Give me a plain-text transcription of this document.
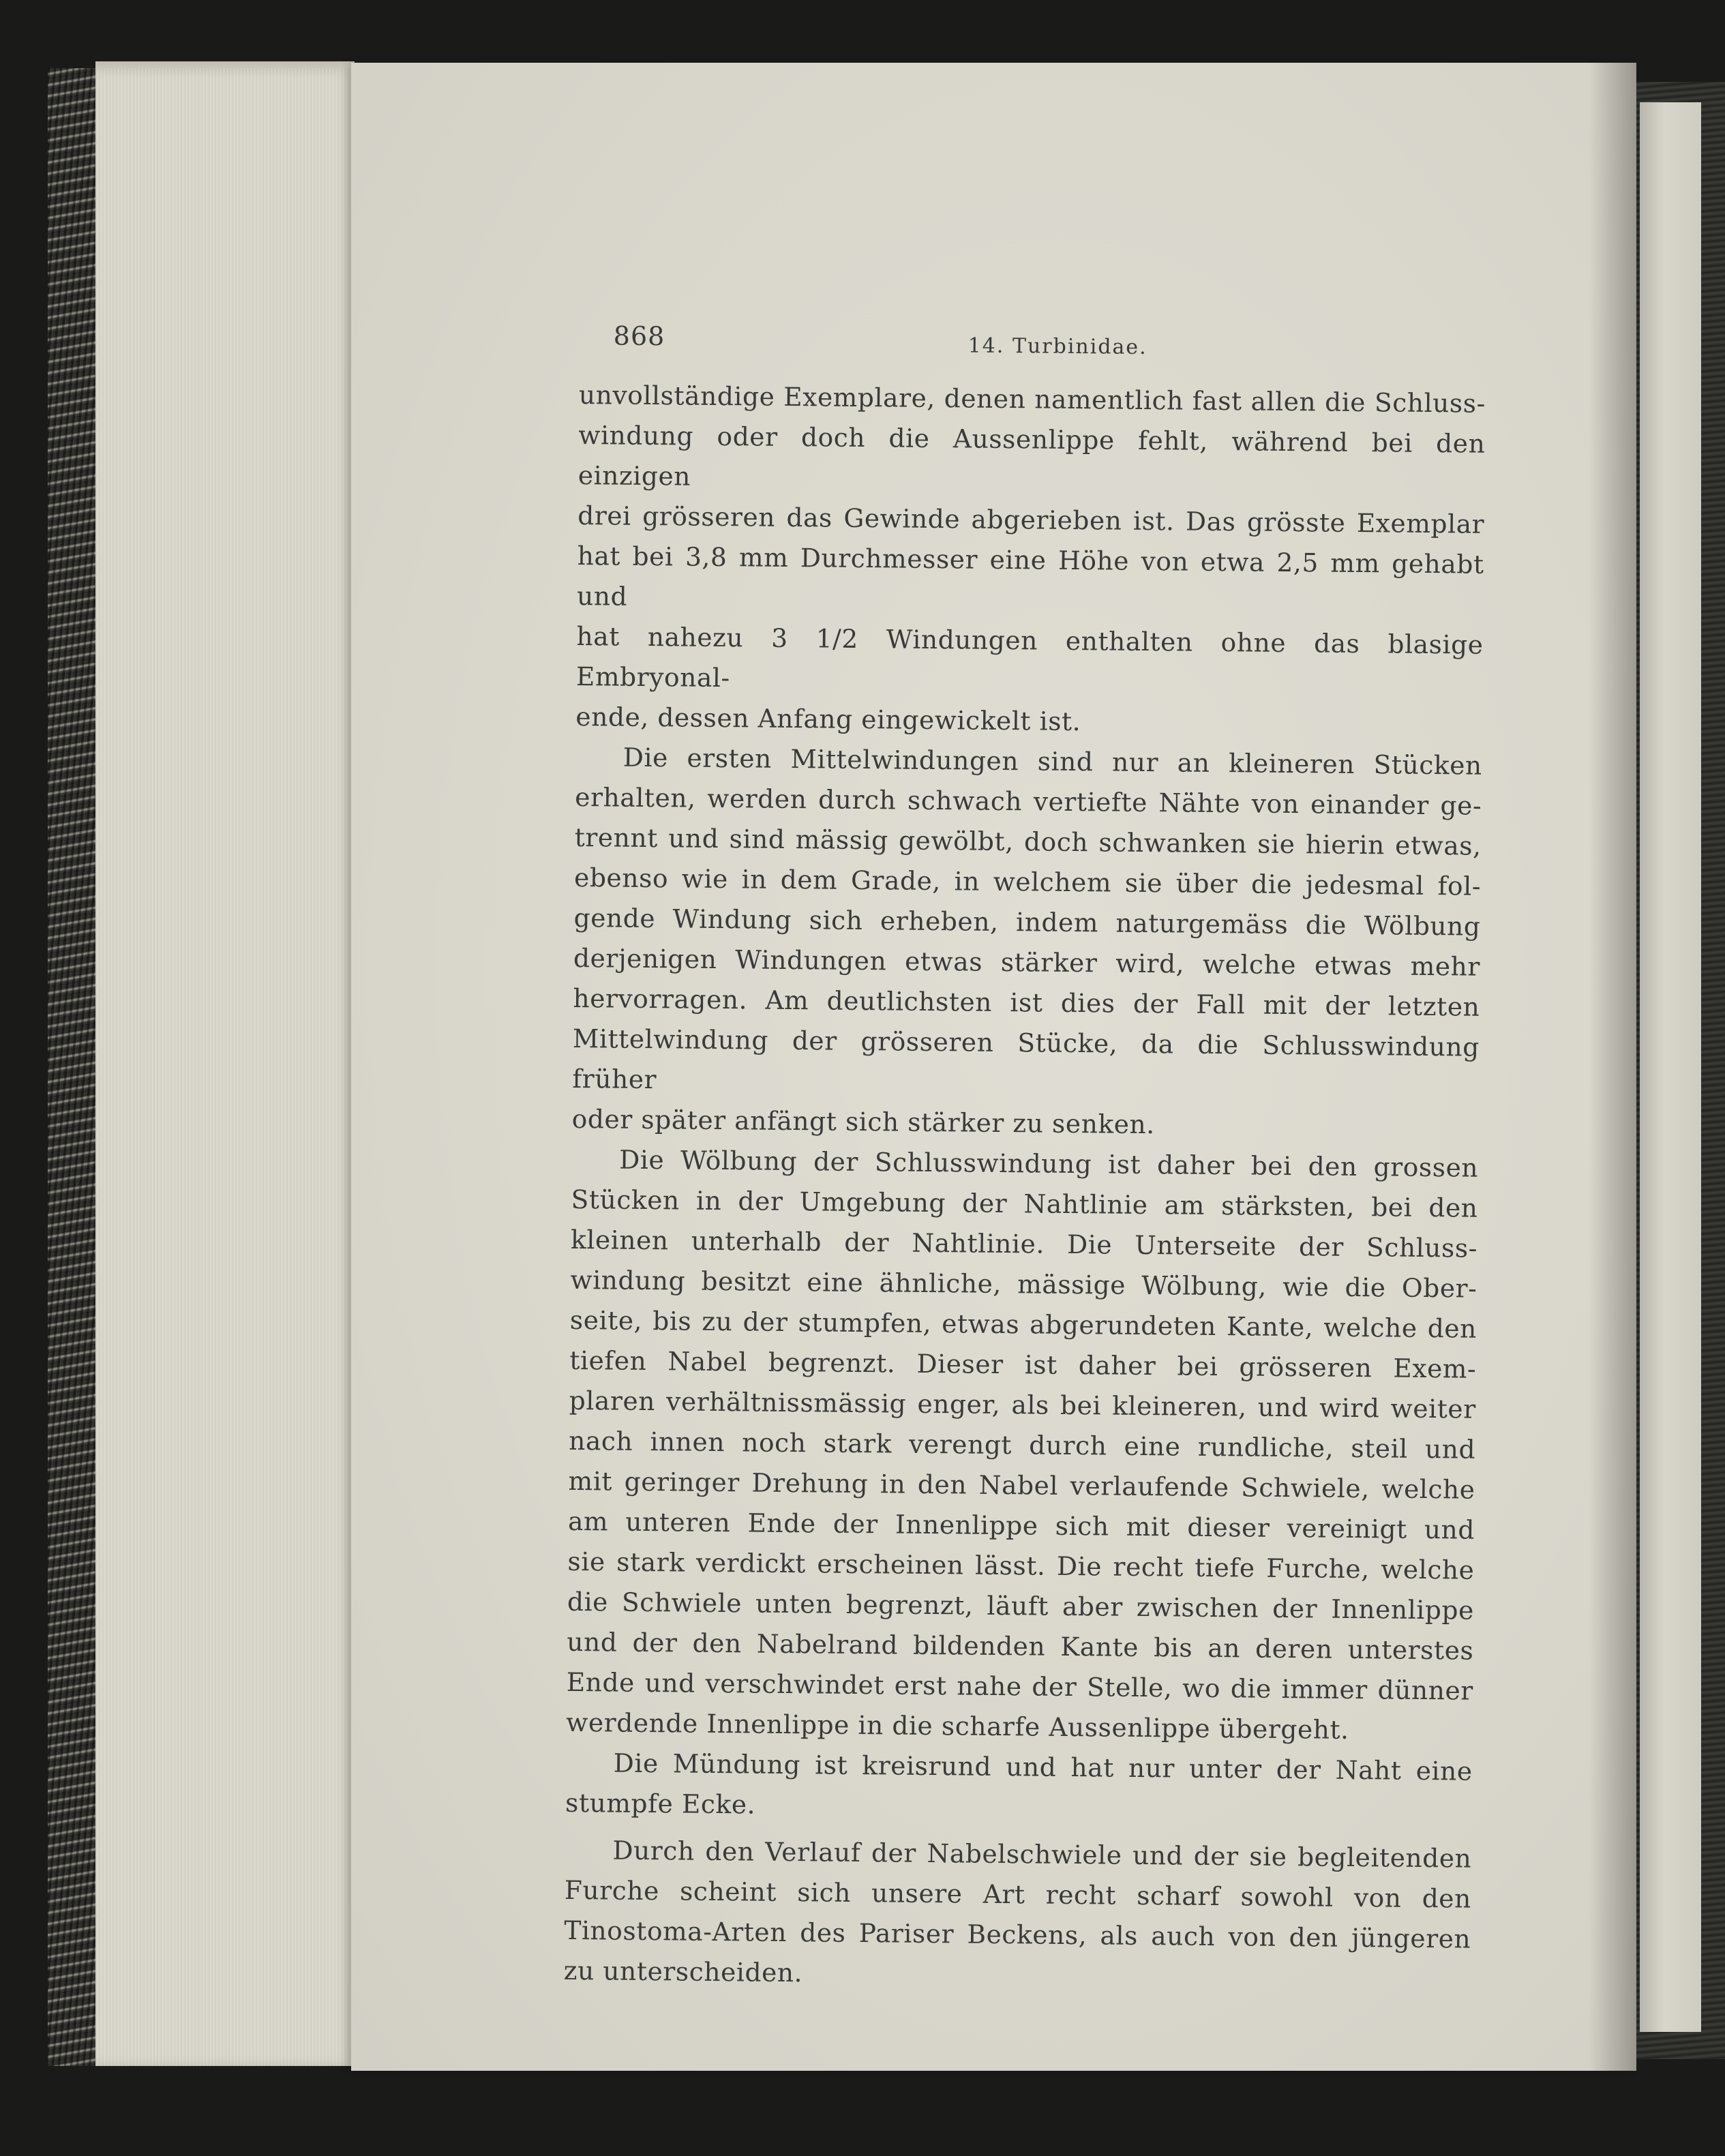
868	14. Turbinidae.

unvollständige Exemplare, denen namentlich fast allen die Schluss-
windung oder doch die Aussenlippe fehlt, während bei den einzigen
drei grösseren das Gewinde abgerieben ist. Das grösste Exemplar
hat bei 3,8 mm Durchmesser eine Höhe von etwa 2,5 mm gehabt und
hat nahezu 3 1/2 Windungen enthalten ohne das blasige Embryonal-
ende, dessen Anfang eingewickelt ist.

Die ersten Mittelwindungen sind nur an kleineren Stücken
erhalten, werden durch schwach vertiefte Nähte von einander ge-
trennt und sind mässig gewölbt, doch schwanken sie hierin etwas,
ebenso wie in dem Grade, in welchem sie über die jedesmal fol-
gende Windung sich erheben, indem naturgemäss die Wölbung
derjenigen Windungen etwas stärker wird, welche etwas mehr
hervorragen. Am deutlichsten ist dies der Fall mit der letzten
Mittelwindung der grösseren Stücke, da die Schlusswindung früher
oder später anfängt sich stärker zu senken.

Die Wölbung der Schlusswindung ist daher bei den grossen
Stücken in der Umgebung der Nahtlinie am stärksten, bei den
kleinen unterhalb der Nahtlinie. Die Unterseite der Schluss-
windung besitzt eine ähnliche, mässige Wölbung, wie die Ober-
seite, bis zu der stumpfen, etwas abgerundeten Kante, welche den
tiefen Nabel begrenzt. Dieser ist daher bei grösseren Exem-
plaren verhältnissmässig enger, als bei kleineren, und wird weiter
nach innen noch stark verengt durch eine rundliche, steil und
mit geringer Drehung in den Nabel verlaufende Schwiele, welche
am unteren Ende der Innenlippe sich mit dieser vereinigt und
sie stark verdickt erscheinen lässt. Die recht tiefe Furche, welche
die Schwiele unten begrenzt, läuft aber zwischen der Innenlippe
und der den Nabelrand bildenden Kante bis an deren unterstes
Ende und verschwindet erst nahe der Stelle, wo die immer dünner
werdende Innenlippe in die scharfe Aussenlippe übergeht.

Die Mündung ist kreisrund und hat nur unter der Naht eine
stumpfe Ecke.

Durch den Verlauf der Nabelschwiele und der sie begleitenden
Furche scheint sich unsere Art recht scharf sowohl von den
Tinostoma-Arten des Pariser Beckens, als auch von den jüngeren
zu unterscheiden.
